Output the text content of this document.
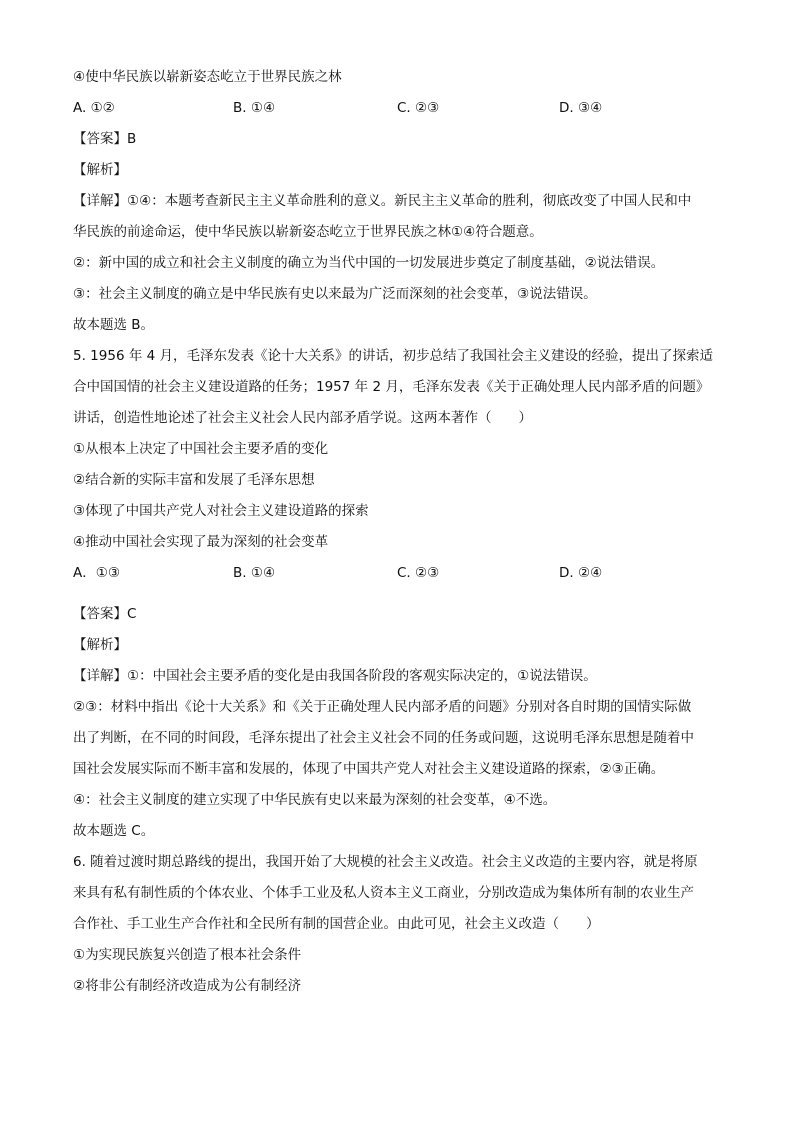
④使中华民族以崭新姿态屹立于世界民族之林
A. ①②	B. ①④	C. ②③	D. ③④
【答案】B
【解析】
【详解】①④：本题考查新民主主义革命胜利的意义。新民主主义革命的胜利，彻底改变了中国人民和中
华民族的前途命运，使中华民族以崭新姿态屹立于世界民族之林①④符合题意。
②：新中国的成立和社会主义制度的确立为当代中国的一切发展进步奠定了制度基础，②说法错误。
③：社会主义制度的确立是中华民族有史以来最为广泛而深刻的社会变革，③说法错误。
故本题选 B。
5. 1956 年 4 月，毛泽东发表《论十大关系》的讲话，初步总结了我国社会主义建设的经验，提出了探索适
合中国国情的社会主义建设道路的任务；1957 年 2 月，毛泽东发表《关于正确处理人民内部矛盾的问题》
讲话，创造性地论述了社会主义社会人民内部矛盾学说。这两本著作（　　）
①从根本上决定了中国社会主要矛盾的变化
②结合新的实际丰富和发展了毛泽东思想
③体现了中国共产党人对社会主义建设道路的探索
④推动中国社会实现了最为深刻的社会变革
A．①③	B. ①④	C. ②③	D. ②④
【答案】C
【解析】
【详解】①：中国社会主要矛盾的变化是由我国各阶段的客观实际决定的，①说法错误。
②③：材料中指出《论十大关系》和《关于正确处理人民内部矛盾的问题》分别对各自时期的国情实际做
出了判断，在不同的时间段，毛泽东提出了社会主义社会不同的任务或问题，这说明毛泽东思想是随着中
国社会发展实际而不断丰富和发展的，体现了中国共产党人对社会主义建设道路的探索，②③正确。
④：社会主义制度的建立实现了中华民族有史以来最为深刻的社会变革，④不选。
故本题选 C。
6. 随着过渡时期总路线的提出，我国开始了大规模的社会主义改造。社会主义改造的主要内容，就是将原
来具有私有制性质的个体农业、个体手工业及私人资本主义工商业，分别改造成为集体所有制的农业生产
合作社、手工业生产合作社和全民所有制的国营企业。由此可见，社会主义改造（　　）
①为实现民族复兴创造了根本社会条件
②将非公有制经济改造成为公有制经济
